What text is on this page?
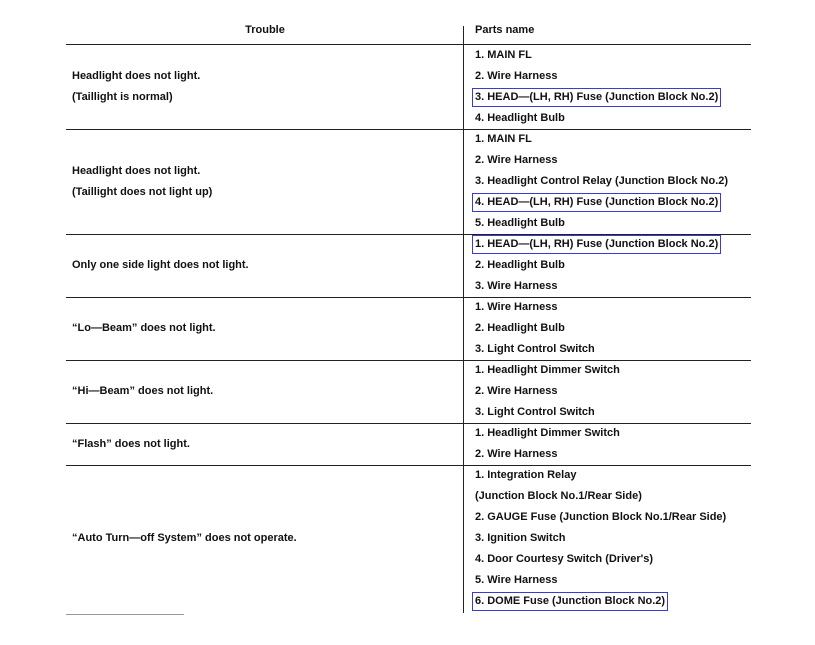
Trouble	Parts name
Headlight does not light.
(Taillight is normal)
1. MAIN FL
2. Wire Harness
3. HEAD—(LH, RH) Fuse (Junction Block No.2)
4. Headlight Bulb
Headlight does not light.
(Taillight does not light up)
1. MAIN FL
2. Wire Harness
3. Headlight Control Relay (Junction Block No.2)
4. HEAD—(LH, RH) Fuse (Junction Block No.2)
5. Headlight Bulb
Only one side light does not light.
1. HEAD—(LH, RH) Fuse (Junction Block No.2)
2. Headlight Bulb
3. Wire Harness
“Lo—Beam” does not light.
1. Wire Harness
2. Headlight Bulb
3. Light Control Switch
“Hi—Beam” does not light.
1. Headlight Dimmer Switch
2. Wire Harness
3. Light Control Switch
“Flash” does not light.
1. Headlight Dimmer Switch
2. Wire Harness
“Auto Turn—off System” does not operate.
1. Integration Relay
(Junction Block No.1/Rear Side)
2. GAUGE Fuse (Junction Block No.1/Rear Side)
3. Ignition Switch
4. Door Courtesy Switch (Driver's)
5. Wire Harness
6. DOME Fuse (Junction Block No.2)
